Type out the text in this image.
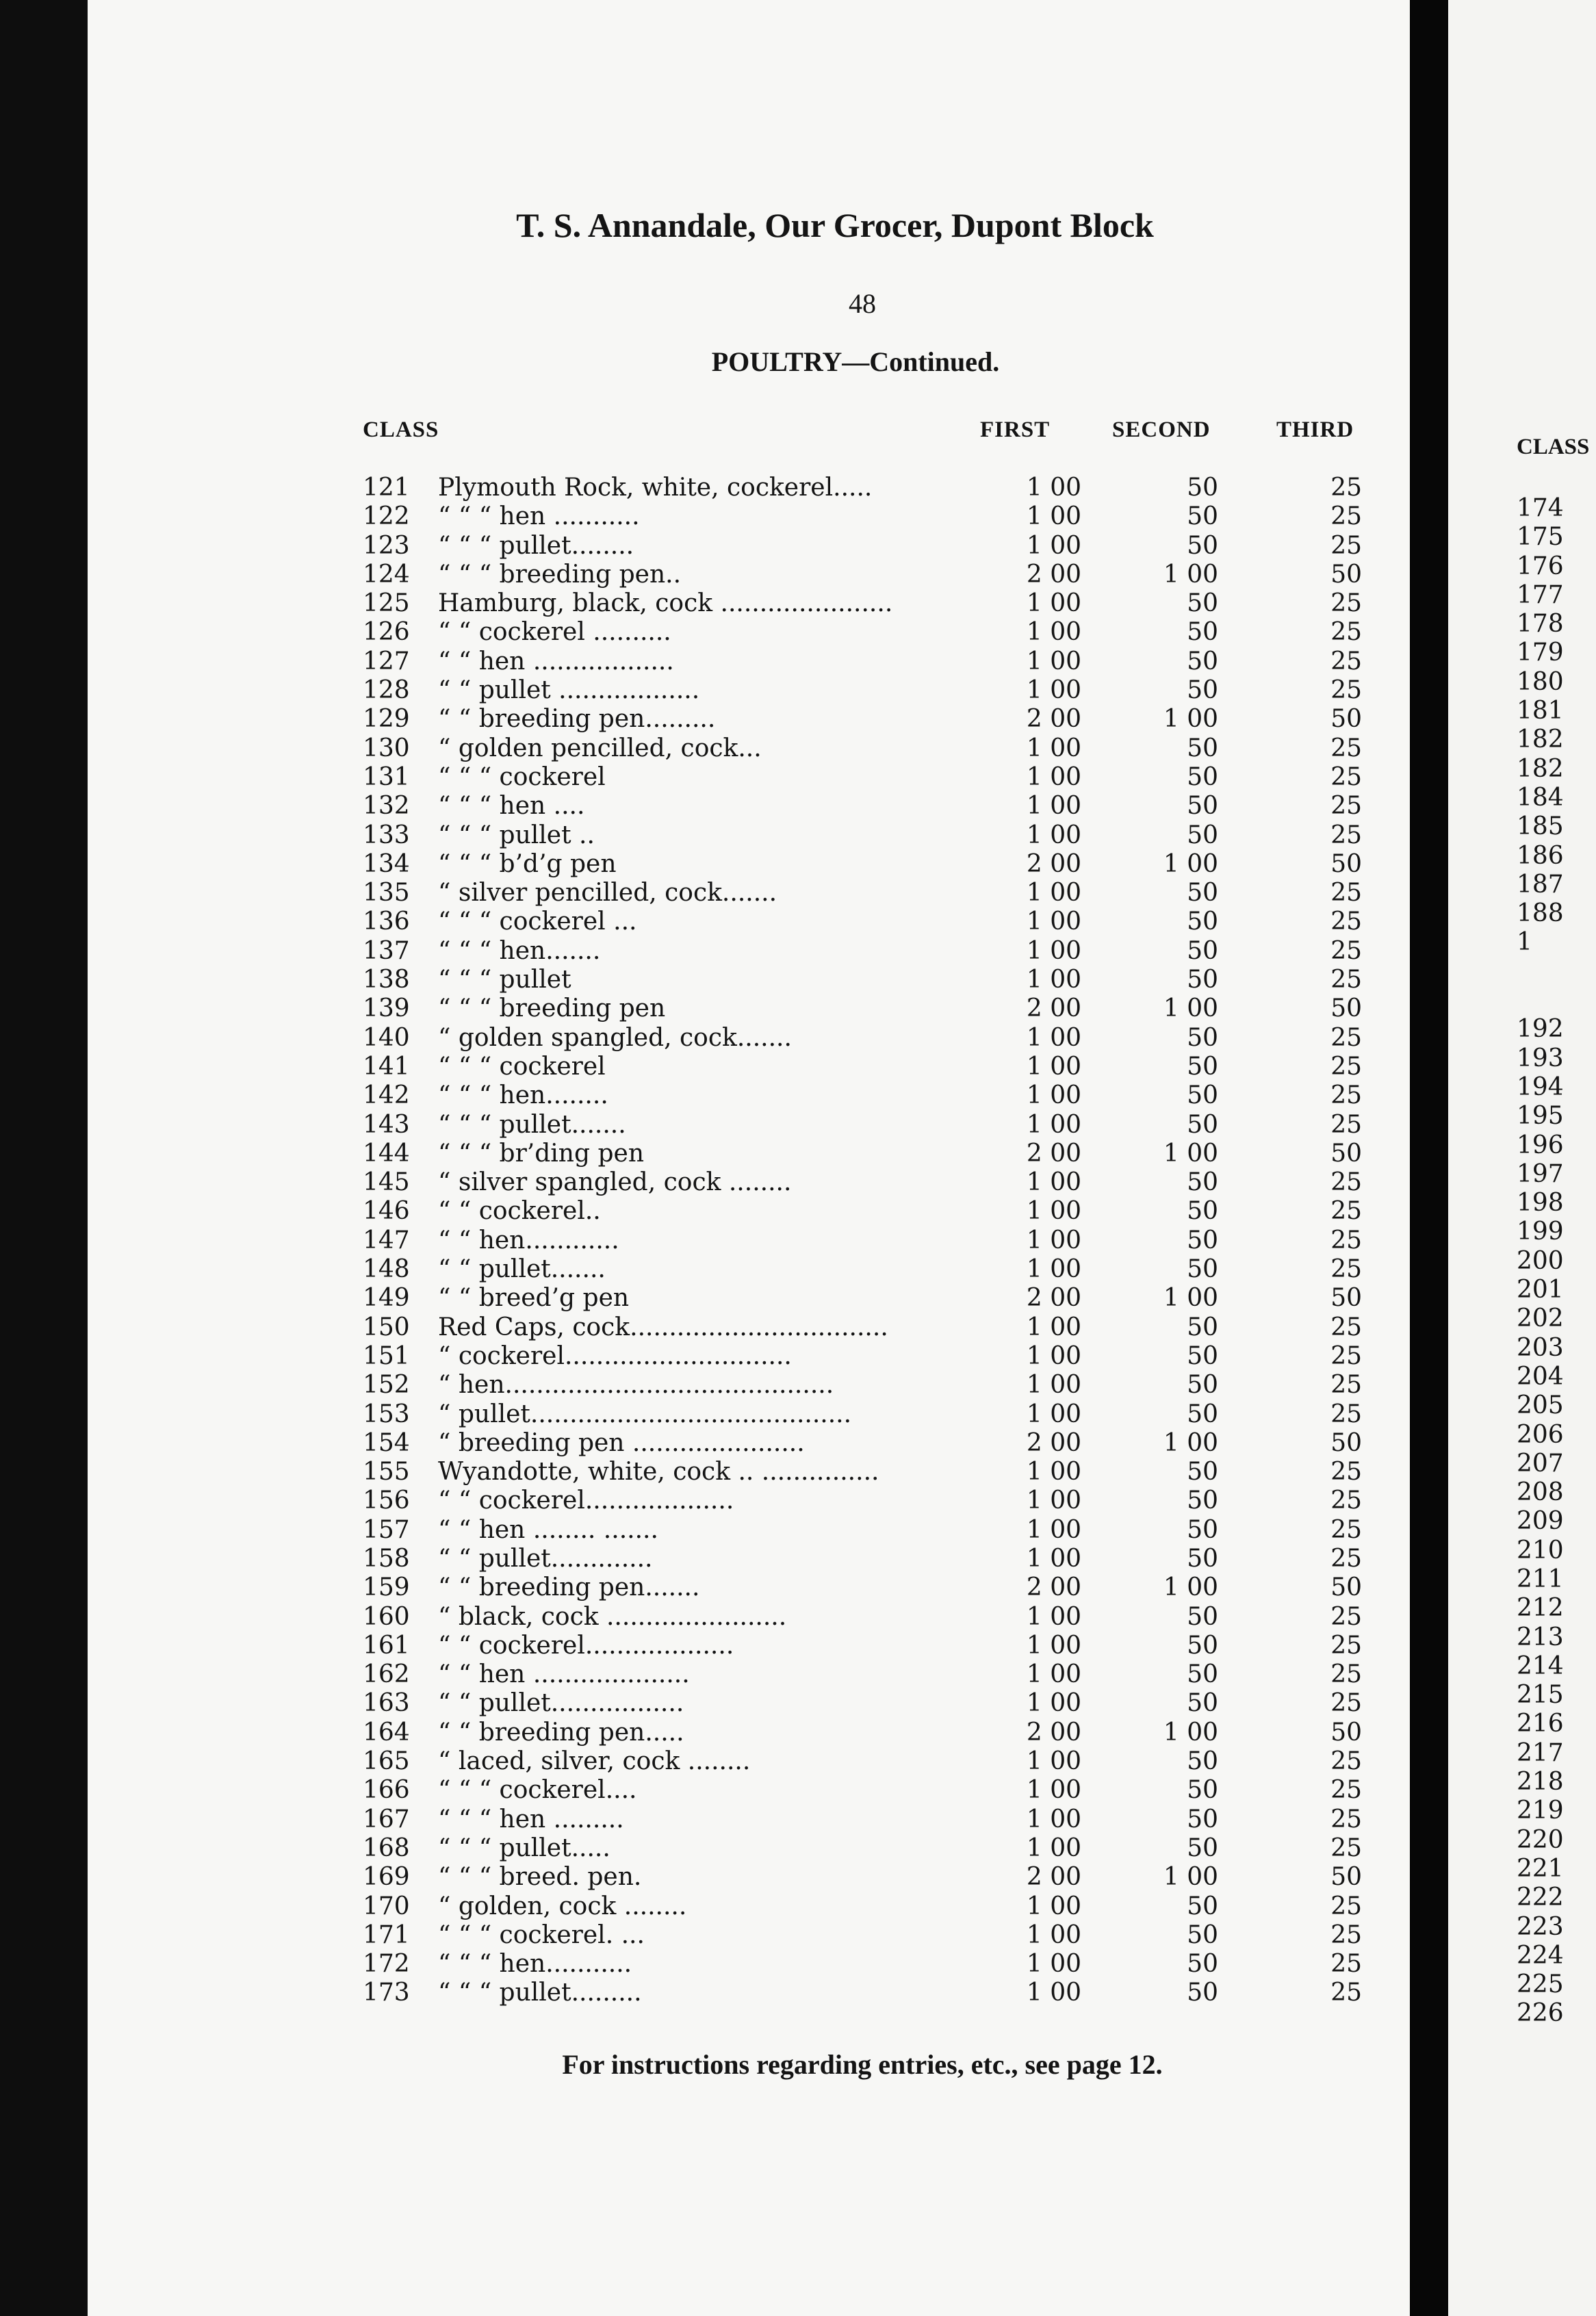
T. S. Annandale, Our Grocer, Dupont Block
48
POULTRY—Continued.
CLASS	FIRST	SECOND	THIRD
121 Plymouth Rock, white, cockerel.....	1 00	50	25
122 “ “ “ hen ...........	1 00	50	25
123 “ “ “ pullet........	1 00	50	25
124 “ “ “ breeding pen..	2 00	1 00	50
125 Hamburg, black, cock ......................	1 00	50	25
126 “ “ cockerel ..........	1 00	50	25
127 “ “ hen ..................	1 00	50	25
128 “ “ pullet ..................	1 00	50	25
129 “ “ breeding pen.........	2 00	1 00	50
130 “ golden pencilled, cock...	1 00	50	25
131 “ “ “ cockerel	1 00	50	25
132 “ “ “ hen ....	1 00	50	25
133 “ “ “ pullet ..	1 00	50	25
134 “ “ “ b’d’g pen	2 00	1 00	50
135 “ silver pencilled, cock.......	1 00	50	25
136 “ “ “ cockerel ...	1 00	50	25
137 “ “ “ hen.......	1 00	50	25
138 “ “ “ pullet	1 00	50	25
139 “ “ “ breeding pen	2 00	1 00	50
140 “ golden spangled, cock.......	1 00	50	25
141 “ “ “ cockerel	1 00	50	25
142 “ “ “ hen........	1 00	50	25
143 “ “ “ pullet.......	1 00	50	25
144 “ “ “ br’ding pen	2 00	1 00	50
145 “ silver spangled, cock ........	1 00	50	25
146 “ “ cockerel..	1 00	50	25
147 “ “ hen............	1 00	50	25
148 “ “ pullet.......	1 00	50	25
149 “ “ breed’g pen	2 00	1 00	50
150 Red Caps, cock.................................	1 00	50	25
151 “ cockerel.............................	1 00	50	25
152 “ hen..........................................	1 00	50	25
153 “ pullet.........................................	1 00	50	25
154 “ breeding pen ......................	2 00	1 00	50
155 Wyandotte, white, cock .. ...............	1 00	50	25
156 “ “ cockerel...................	1 00	50	25
157 “ “ hen ........ .......	1 00	50	25
158 “ “ pullet.............	1 00	50	25
159 “ “ breeding pen.......	2 00	1 00	50
160 “ black, cock .......................	1 00	50	25
161 “ “ cockerel...................	1 00	50	25
162 “ “ hen ....................	1 00	50	25
163 “ “ pullet.................	1 00	50	25
164 “ “ breeding pen.....	2 00	1 00	50
165 “ laced, silver, cock ........	1 00	50	25
166 “ “ “ cockerel....	1 00	50	25
167 “ “ “ hen .........	1 00	50	25
168 “ “ “ pullet.....	1 00	50	25
169 “ “ “ breed. pen.	2 00	1 00	50
170 “ golden, cock ........	1 00	50	25
171 “ “ “ cockerel. ...	1 00	50	25
172 “ “ “ hen...........	1 00	50	25
173 “ “ “ pullet.........	1 00	50	25
For instructions regarding entries, etc., see page 12.
CLASS
174
175
176
177
178
179
180
181
182
182
184
185
186
187
188
1
192
193
194
195
196
197
198
199
200
201
202
203
204
205
206
207
208
209
210
211
212
213
214
215
216
217
218
219
220
221
222
223
224
225
226
